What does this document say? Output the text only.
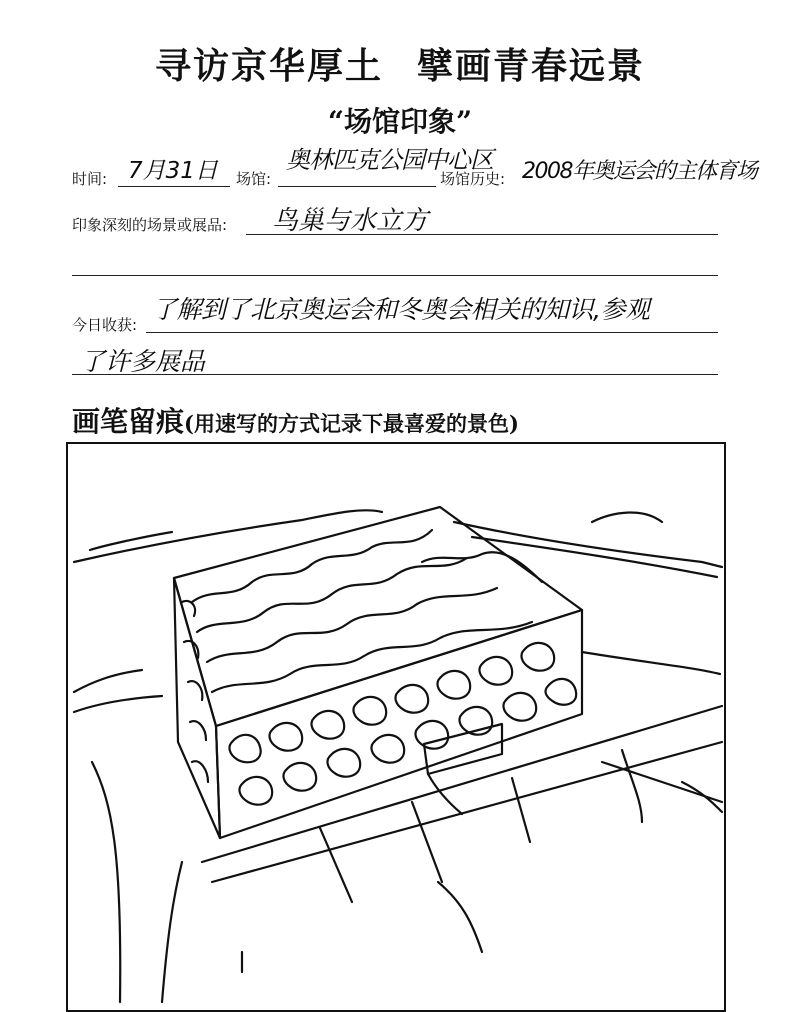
寻访京华厚土 擘画青春远景
“场馆印象”
时间: 7月31日 场馆:
奥林匹克公园中心区
场馆历史: 2008年奥运会的主体育场
印象深刻的场景或展品: 鸟巢与水立方
今日收获:
了解到了北京奥运会和冬奥会相关的知识,参观
了许多展品
画笔留痕(用速写的方式记录下最喜爱的景色)
